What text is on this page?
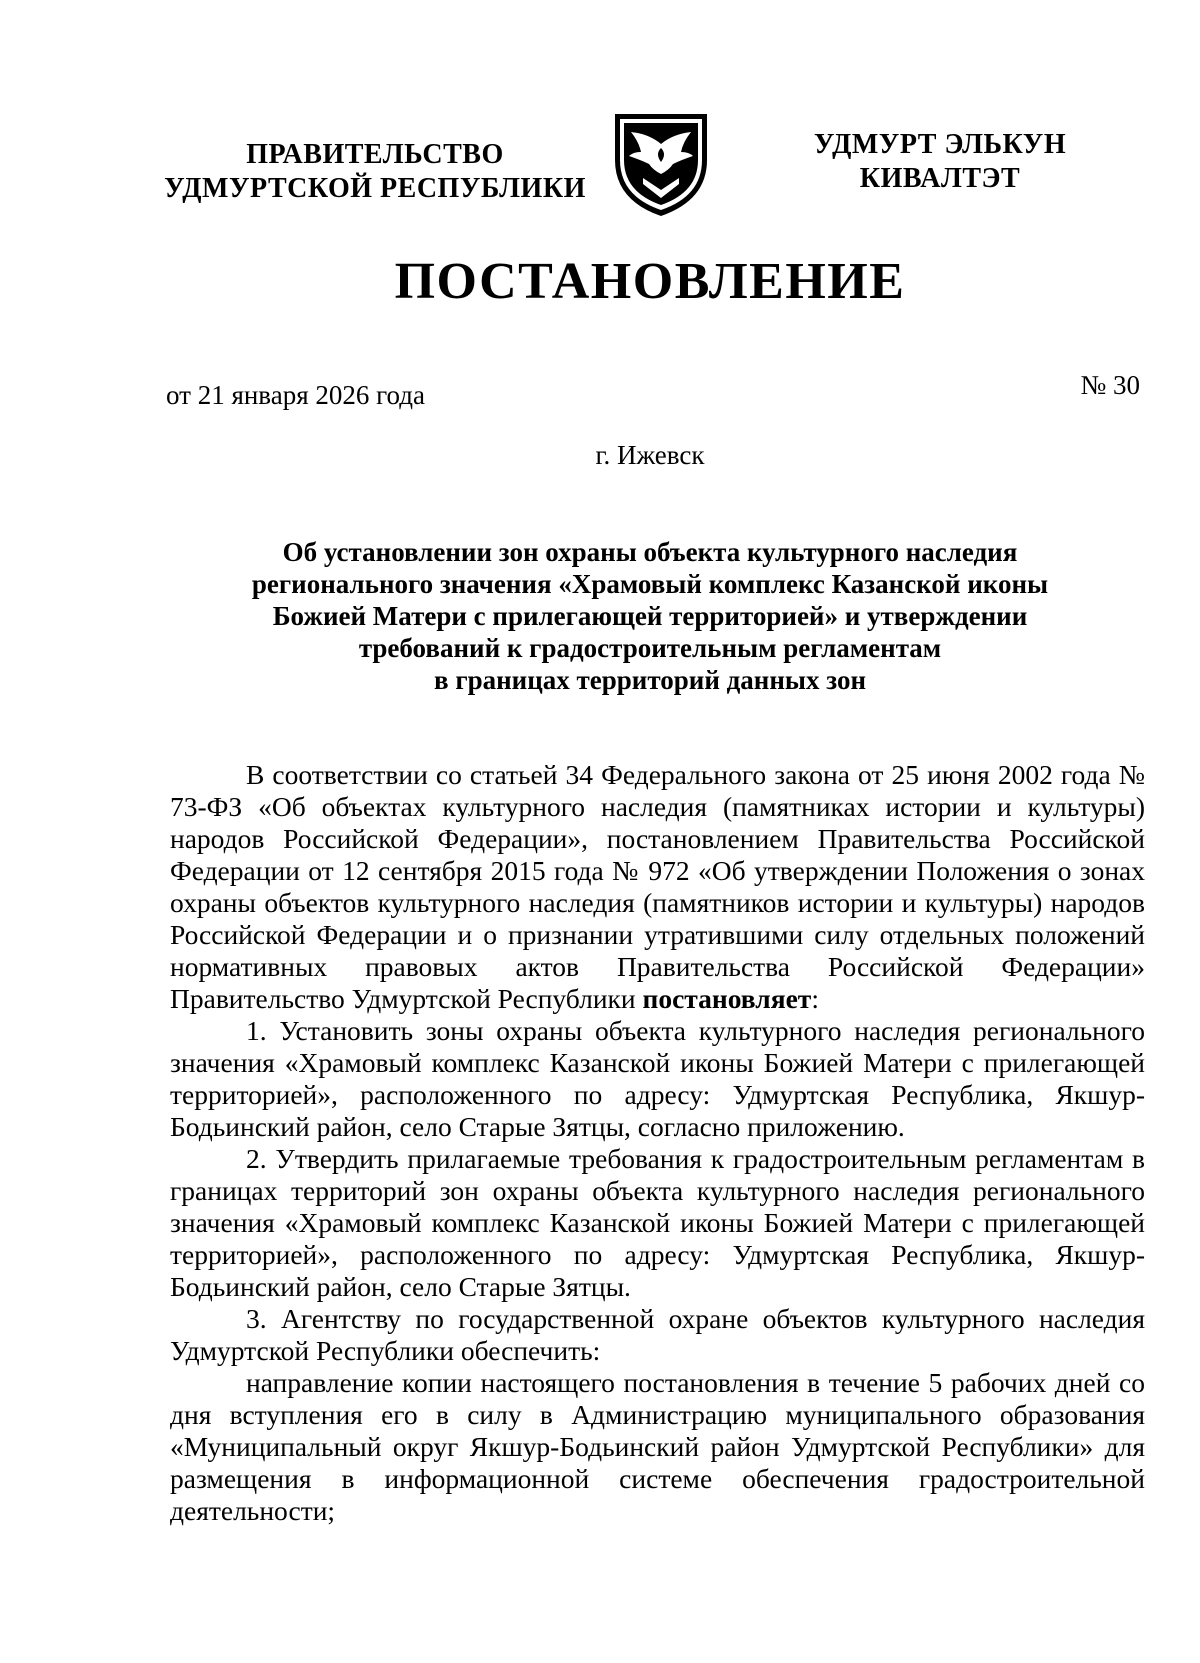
ПРАВИТЕЛЬСТВО
УДМУРТСКОЙ РЕСПУБЛИКИ
УДМУРТ ЭЛЬКУН
КИВАЛТЭТ
ПОСТАНОВЛЕНИЕ
от 21 января 2026 года	№ 30
г. Ижевск
Об установлении зон охраны объекта культурного наследия
регионального значения «Храмовый комплекс Казанской иконы
Божией Матери с прилегающей территорией» и утверждении
требований к градостроительным регламентам
в границах территорий данных зон

В соответствии со статьей 34 Федерального закона от 25 июня 2002 года № 73-ФЗ «Об объектах культурного наследия (памятниках истории и культуры) народов Российской Федерации», постановлением Правительства Российской Федерации от 12 сентября 2015 года № 972 «Об утверждении Положения о зонах охраны объектов культурного наследия (памятников истории и культуры) народов Российской Федерации и о признании утратившими силу отдельных положений нормативных правовых актов Правительства Российской Федерации» Правительство Удмуртской Республики постановляет:

1. Установить зоны охраны объекта культурного наследия регионального значения «Храмовый комплекс Казанской иконы Божией Матери с прилегающей территорией», расположенного по адресу: Удмуртская Республика, Якшур-Бодьинский район, село Старые Зятцы, согласно приложению.

2. Утвердить прилагаемые требования к градостроительным регламентам в границах территорий зон охраны объекта культурного наследия регионального значения «Храмовый комплекс Казанской иконы Божией Матери с прилегающей территорией», расположенного по адресу: Удмуртская Республика, Якшур-Бодьинский район, село Старые Зятцы.

3. Агентству по государственной охране объектов культурного наследия Удмуртской Республики обеспечить:

направление копии настоящего постановления в течение 5 рабочих дней со дня вступления его в силу в Администрацию муниципального образования «Муниципальный округ Якшур-Бодьинский район Удмуртской Республики» для размещения в информационной системе обеспечения градостроительной деятельности;
